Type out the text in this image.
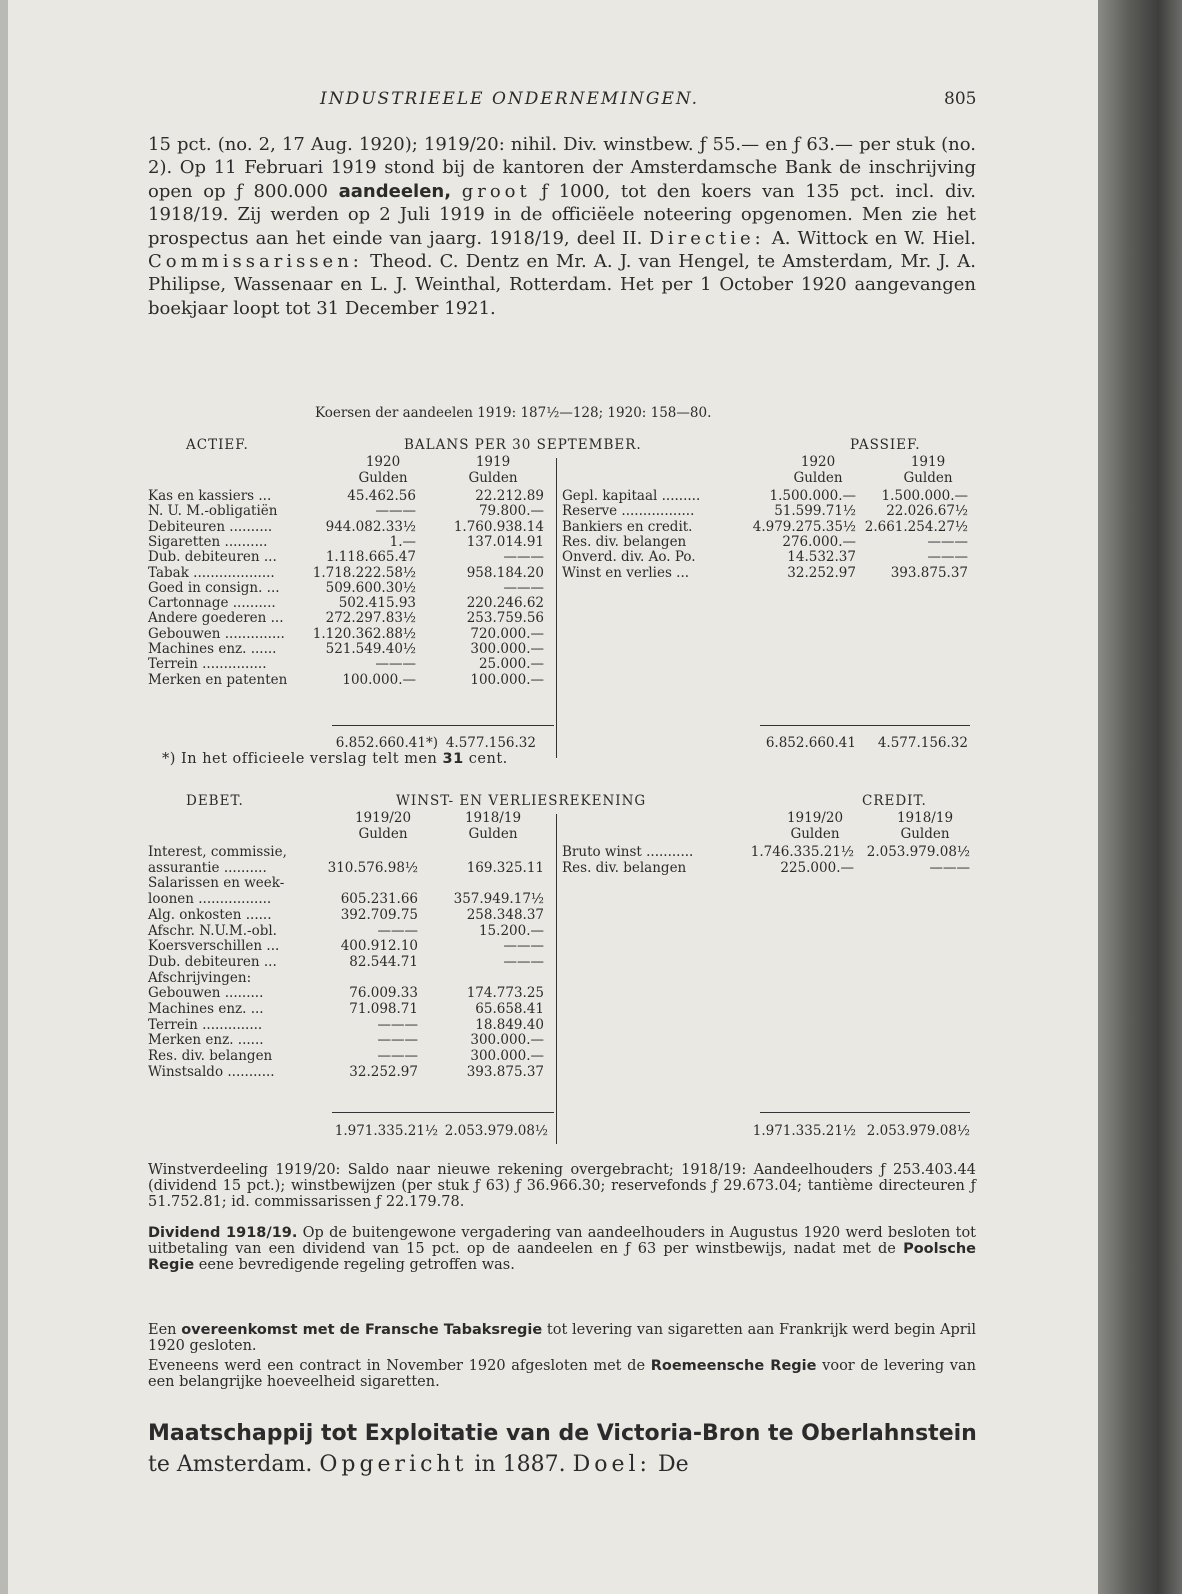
INDUSTRIEELE ONDERNEMINGEN.	805
15 pct. (no. 2, 17 Aug. 1920); 1919/20: nihil. Div. winstbew. ƒ 55.— en ƒ 63.— per stuk (no. 2). Op 11 Februari 1919 stond bij de kantoren der Amsterdamsche Bank de inschrijving open op ƒ 800.000 aandeelen, groot ƒ 1000, tot den koers van 135 pct. incl. div. 1918/19. Zij werden op 2 Juli 1919 in de officiëele noteering opgenomen. Men zie het prospectus aan het einde van jaarg. 1918/19, deel II. Directie: A. Wittock en W. Hiel. Commissarissen: Theod. C. Dentz en Mr. A. J. van Hengel, te Amsterdam, Mr. J. A. Philipse, Wassenaar en L. J. Weinthal, Rotterdam. Het per 1 October 1920 aangevangen boekjaar loopt tot 31 December 1921.
Koersen der aandeelen 1919: 187½—128; 1920: 158—80.
ACTIEF.	BALANS PER 30 SEPTEMBER.	PASSIEF.
1920	1919	1920	1919
Gulden	Gulden	Gulden	Gulden
Kas en kassiers ...	45.462.56	22.212.89
N. U. M.-obligatiën	———	79.800.—
Debiteuren ..........	944.082.33½	1.760.938.14
Sigaretten ..........	1.—	137.014.91
Dub. debiteuren ...	1.118.665.47	———
Tabak ...................	1.718.222.58½	958.184.20
Goed in consign. ...	509.600.30½	———
Cartonnage ..........	502.415.93	220.246.62
Andere goederen ...	272.297.83½	253.759.56
Gebouwen ..............	1.120.362.88½	720.000.—
Machines enz. ......	521.549.40½	300.000.—
Terrein ...............	———	25.000.—
Merken en patenten	100.000.—	100.000.—
Gepl. kapitaal .........	1.500.000.—	1.500.000.—
Reserve .................	51.599.71½	22.026.67½
Bankiers en credit.	4.979.275.35½ 2.661.254.27½
Res. div. belangen	276.000.—	———
Onverd. div. Ao. Po.	14.532.37	———
Winst en verlies ...	32.252.97	393.875.37
6.852.660.41*) 4.577.156.32	6.852.660.41	4.577.156.32
*) In het officieele verslag telt men 31 cent.
DEBET.	WINST- EN VERLIESREKENING	CREDIT.
1919/20	1918/19	1919/20	1918/19
Gulden	Gulden	Gulden	Gulden
Interest, commissie,
assurantie ..........	310.576.98½	169.325.11
Salarissen en week-
loonen .................	605.231.66	357.949.17½
Alg. onkosten ......	392.709.75	258.348.37
Afschr. N.U.M.-obl.	———	15.200.—
Koersverschillen ...	400.912.10	———
Dub. debiteuren ...	82.544.71	———
Afschrijvingen:
Gebouwen .........	76.009.33	174.773.25
Machines enz. ...	71.098.71	65.658.41
Terrein ..............	———	18.849.40
Merken enz. ......	———	300.000.—
Res. div. belangen	———	300.000.—
Winstsaldo ...........	32.252.97	393.875.37
Bruto winst ...........	1.746.335.21½ 2.053.979.08½
Res. div. belangen	225.000.—	———
1.971.335.21½ 2.053.979.08½	1.971.335.21½ 2.053.979.08½
Winstverdeeling 1919/20: Saldo naar nieuwe rekening overgebracht; 1918/19: Aandeelhouders ƒ 253.403.44 (dividend 15 pct.); winstbewijzen (per stuk ƒ 63) ƒ 36.966.30; reservefonds ƒ 29.673.04; tantième directeuren ƒ 51.752.81; id. commissarissen ƒ 22.179.78.
Dividend 1918/19. Op de buitengewone vergadering van aandeelhouders in Augustus 1920 werd besloten tot uitbetaling van een dividend van 15 pct. op de aandeelen en ƒ 63 per winstbewijs, nadat met de Poolsche Regie eene bevredigende regeling getroffen was.
Een overeenkomst met de Fransche Tabaksregie tot levering van sigaretten aan Frankrijk werd begin April 1920 gesloten.
Eveneens werd een contract in November 1920 afgesloten met de Roemeensche Regie voor de levering van een belangrijke hoeveelheid sigaretten.
Maatschappij tot Exploitatie van de Victoria-Bron te Oberlahnstein te Amsterdam. Opgericht in 1887. Doel: De
